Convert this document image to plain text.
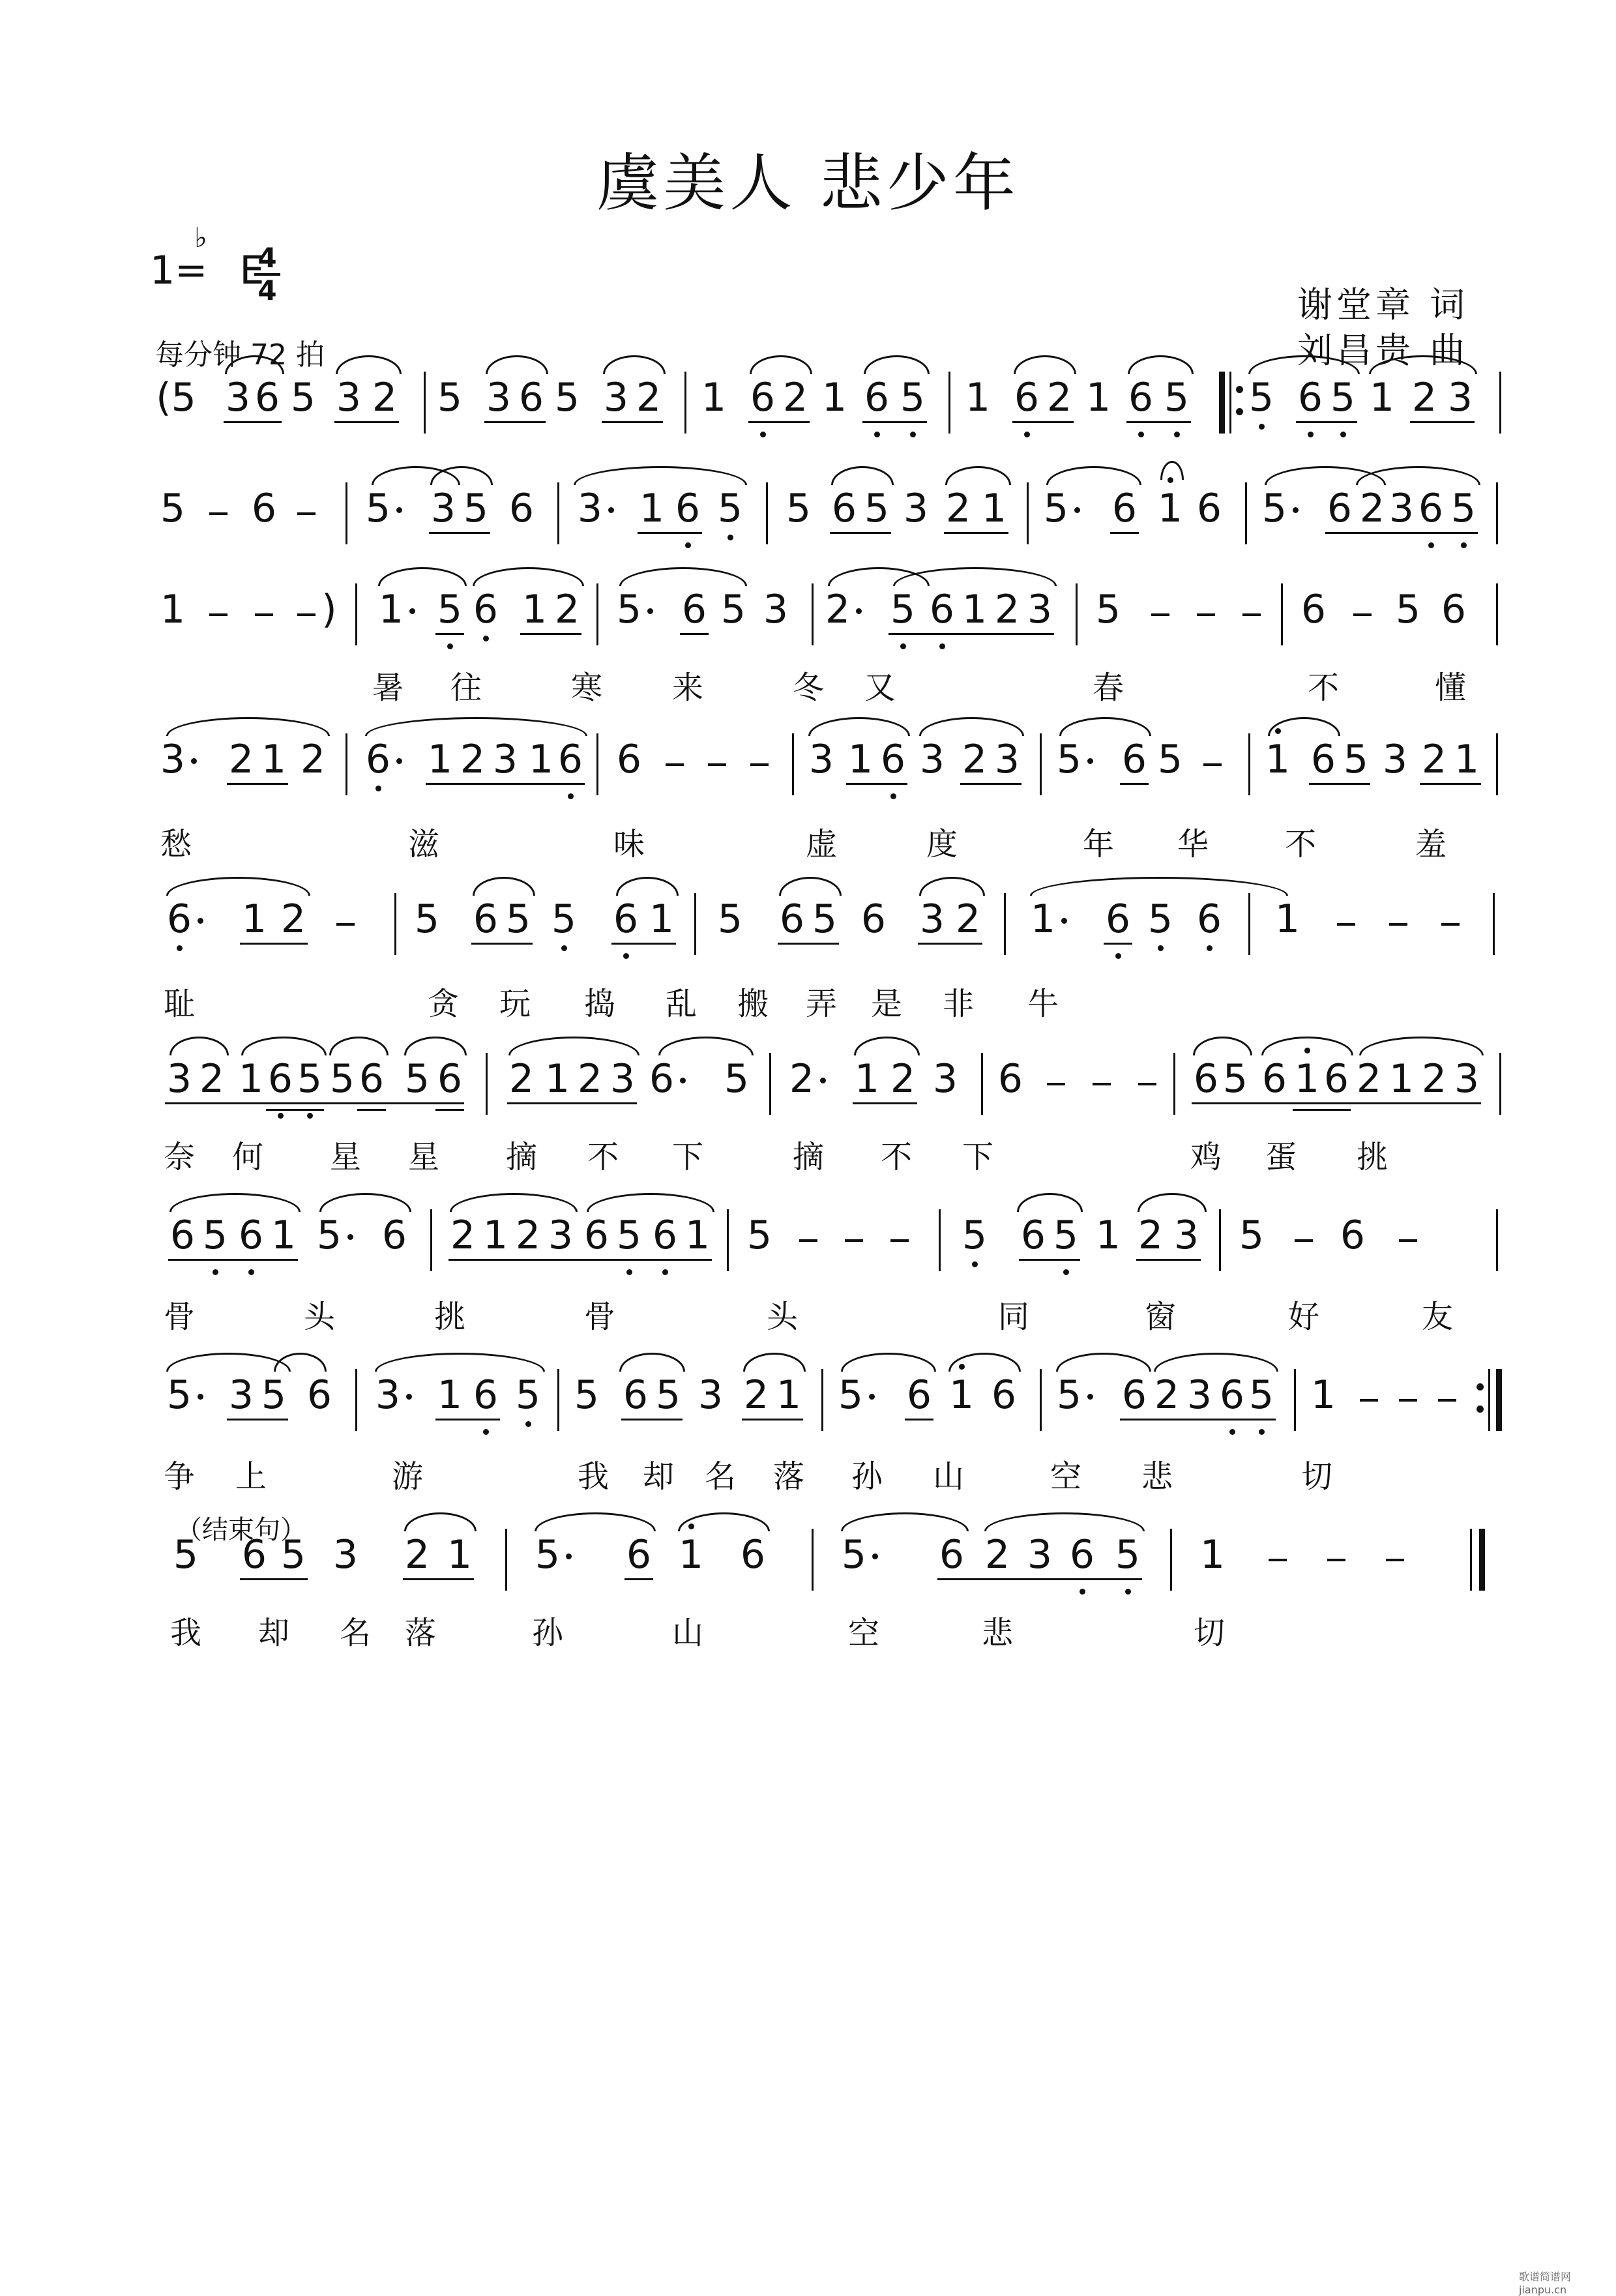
虞美人 悲少年
1=
♭
E
4
4
每分钟 72 拍
谢堂章 词
刘昌贵 曲
（结束句）
(5 3 6 5 3 2 5 3 6 5 3 2 1 6 2 1 6 5 1 6 2 1 6 5 5 6 5 1 2 3
5 6 5 3 5 6 3 1 6 5 5 6 5 3 2 1 5 6 1 6 5 6 2 3 6 5
1	) 1 5 6 1 2 5 6 5 3 2 5 6 1 2 3 5	6 5 6
暑 往	寒 来	冬 又	春	不	懂
3 2 1 2 6 1 2 3 1 6 6	3 1 6 3 2 3 5 6 5 1 6 5 3 2 1
愁	滋	味	虚	度	年 华 不	羞
6 1 2	5 6 5 5 6 1 5 6 5 6 3 2 1 6 5 6 1
耻	贪 玩 捣 乱 搬 弄 是 非 牛
3 2 1 6 5 5 6 5 6 2 1 2 3 6 5 2 1 2 3 6	6 5 6 1 6 2 1 2 3
奈 何 星 星 摘 不 下	摘 不 下	鸡 蛋 挑
6 5 6 1 5 6 2 1 2 3 6 5 6 1 5	5 6 5 1 2 3 5 6
骨	头	挑	骨	头	同	窗	好	友
5 3 5 6 3 1 6 5 5 6 5 3 2 1 5 6 1 6 5 6 2 3 6 5 1
争 上	游	我 却 名 落 孙 山	空 悲	切
5 6 5 3 2 1 5 6 1 6 5 6 2 3 6 5 1
我 却 名 落	孙	山	空	悲	切
歌谱简谱网 jianpu.cn
